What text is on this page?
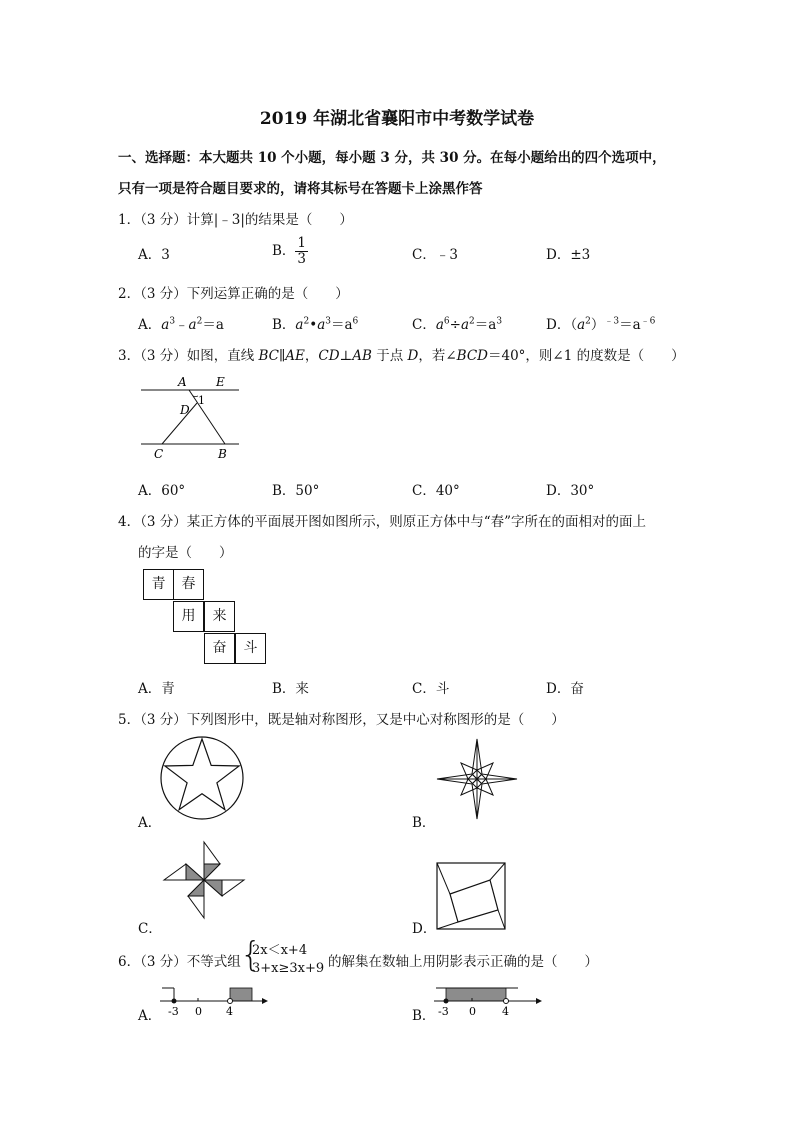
2019 年湖北省襄阳市中考数学试卷
一、选择题：本大题共 10 个小题，每小题 3 分，共 30 分。在每小题给出的四个选项中，
只有一项是符合题目要求的，请将其标号在答题卡上涂黑作答
1．（3 分）计算|﹣3|的结果是（　　）
A．3	B． $\frac{1}{3}$	C．﹣3	D．±3
2．（3 分）下列运算正确的是（　　）
A．$a^3﹣a^2=a$	B．$a^2•a^3=a^6$	C．$a^6\div a^2=a^3$	D．$(a^2)^{﹣3}=a^{﹣6}$
3．（3 分）如图，直线 BC∥AE，CD⊥AB 于点 D，若∠BCD＝40°，则∠1 的度数是（　　）
A E
1
D
C	B
A．60°	B．50°	C．40°	D．30°
4．（3 分）某正方体的平面展开图如图所示，则原正方体中与“春”字所在的面相对的面上
的字是（　　）
青	春
用	来
奋	斗
A．青	B．来	C．斗	D．奋
5．（3 分）下列图形中，既是轴对称图形，又是中心对称图形的是（　　）
A．	B．
C．	D．
6．（3 分）不等式组 {
2x＜x+4
3+x≥3x+9 的解集在数轴上用阴影表示正确的是（　　）
A． -3 0 4	B． -3 0 4
